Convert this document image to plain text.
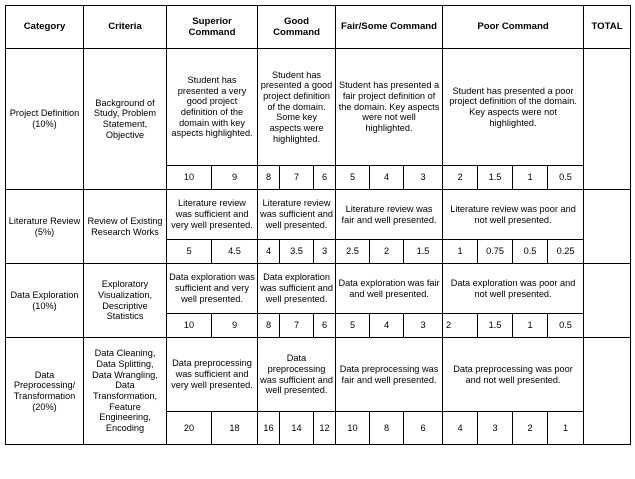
Category	Criteria	Superior Command		Good Command			Fair/Some Command			Poor Command				TOTAL
Project Definition (10%)	Background of Study, Problem Statement, Objective	Student has presented a very good project definition of the domain with key aspects highlighted.		Student has presented a good project definition of the domain. Some key aspects were highlighted.			Student has presented a fair project definition of the domain. Key aspects were not well highlighted.			Student has presented a poor project definition of the domain. Key aspects were not highlighted.				
		10	9	8	7	6	5	4	3	2	1.5	1	0.5	
Literature Review (5%)	Review of Existing Research Works	Literature review was sufficient and very well presented.		Literature review was sufficient and well presented.			Literature review was fair and well presented.			Literature review was poor and not well presented.				
		5	4.5	4	3.5	3	2.5	2	1.5	1	0.75	0.5	0.25	
Data Exploration (10%)	Exploratory Visualization, Descriptive Statistics	Data exploration was sufficient and very well presented.		Data exploration was sufficient and well presented.			Data exploration was fair and well presented.			Data exploration was poor and not well presented.				
		10	9	8	7	6	5	4	3	2	1.5	1	0.5	
Data Preprocessing/ Transformation (20%)	Data Cleaning, Data Splitting, Data Wrangling, Data Transformation, Feature Engineering, Encoding	Data preprocessing was sufficient and very well presented.		Data preprocessing was sufficient and well presented.			Data preprocessing was fair and well presented.			Data preprocessing was poor and not well presented.				
		20	18	16	14	12	10	8	6	4	3	2	1	
